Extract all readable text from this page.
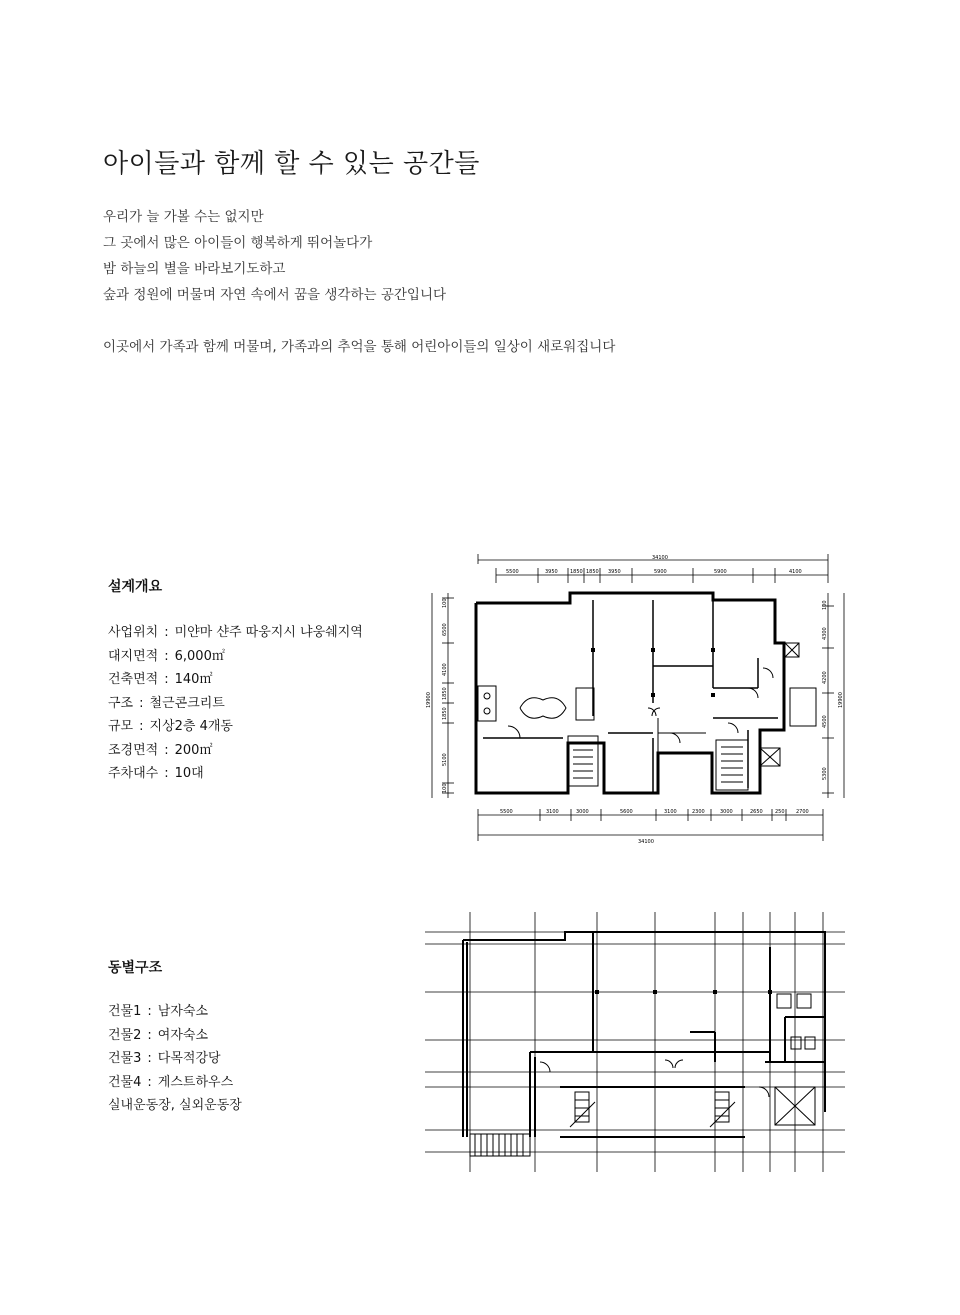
아이들과 함께 할 수 있는 공간들
우리가 늘 가볼 수는 없지만
그 곳에서 많은 아이들이 행복하게 뛰어놀다가
밤 하늘의 별을 바라보기도하고
숲과 정원에 머물며 자연 속에서 꿈을 생각하는 공간입니다
이곳에서 가족과 함께 머물며, 가족과의 추억을 통해 어린아이들의 일상이 새로워집니다
설계개요
사업위치 : 미얀마 샨주 따웅지시 냐웅쉐지역
대지면적 : 6,000㎡
건축면적 : 140㎡
구조 : 철근콘크리트
규모 : 지상2층 4개동
조경면적 : 200㎡
주차대수 : 10대
동별구조
건물1 : 남자숙소
건물2 : 여자숙소
건물3 : 다목적강당
건물4 : 게스트하우스
실내운동장, 실외운동장
34100
5500	3950 1850 1850 3950	5900	5900	4100
100
6500
4100
1850
1850
5100
100
19900
100
4300
4200
4500
5300
19900
5500	3100	3000	5600	3100	2300	3000	2650 250 2700
34100
